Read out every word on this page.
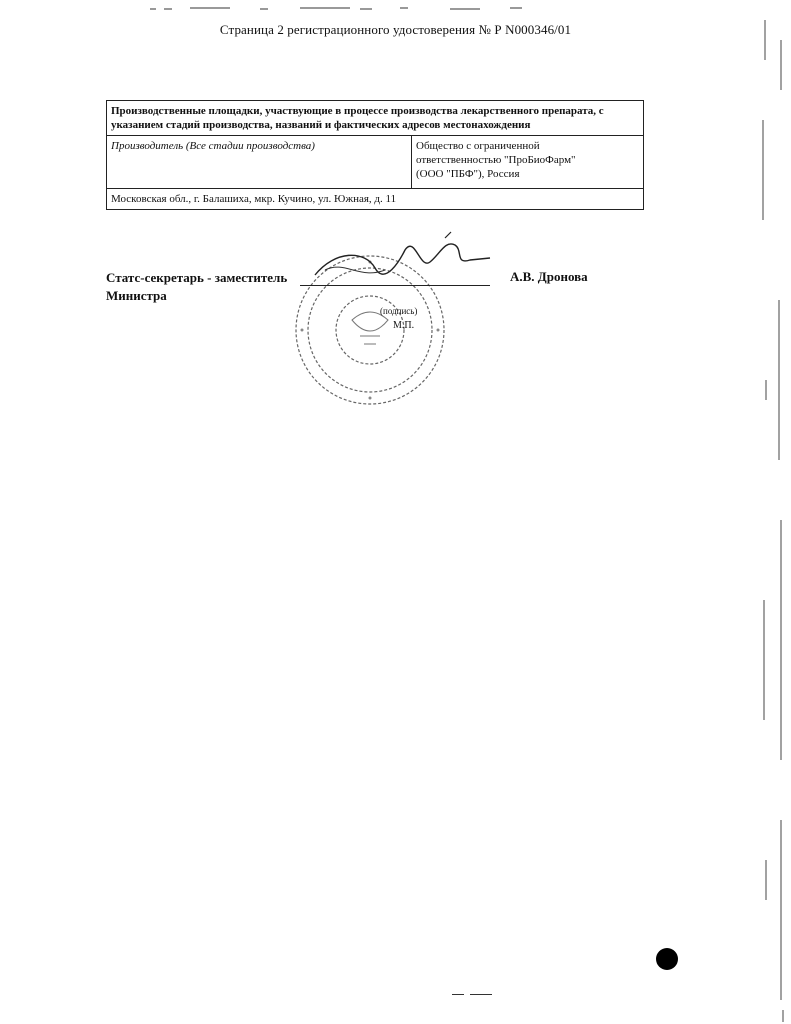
Страница 2 регистрационного удостоверения № Р N000346/01
Производственные площадки, участвующие в процессе производства лекарственного препарата, с указанием стадий производства, названий и фактических адресов местонахождения
Производитель (Все стадии производства)	Общество с ограниченной
ответственностью "ПроБиоФарм"
(ООО "ПБФ"), Россия

Московская обл., г. Балашиха, мкр. Кучино, ул. Южная, д. 11
Статс-секретарь - заместитель
Министра
А.В. Дронова
(подпись)
М.П.
